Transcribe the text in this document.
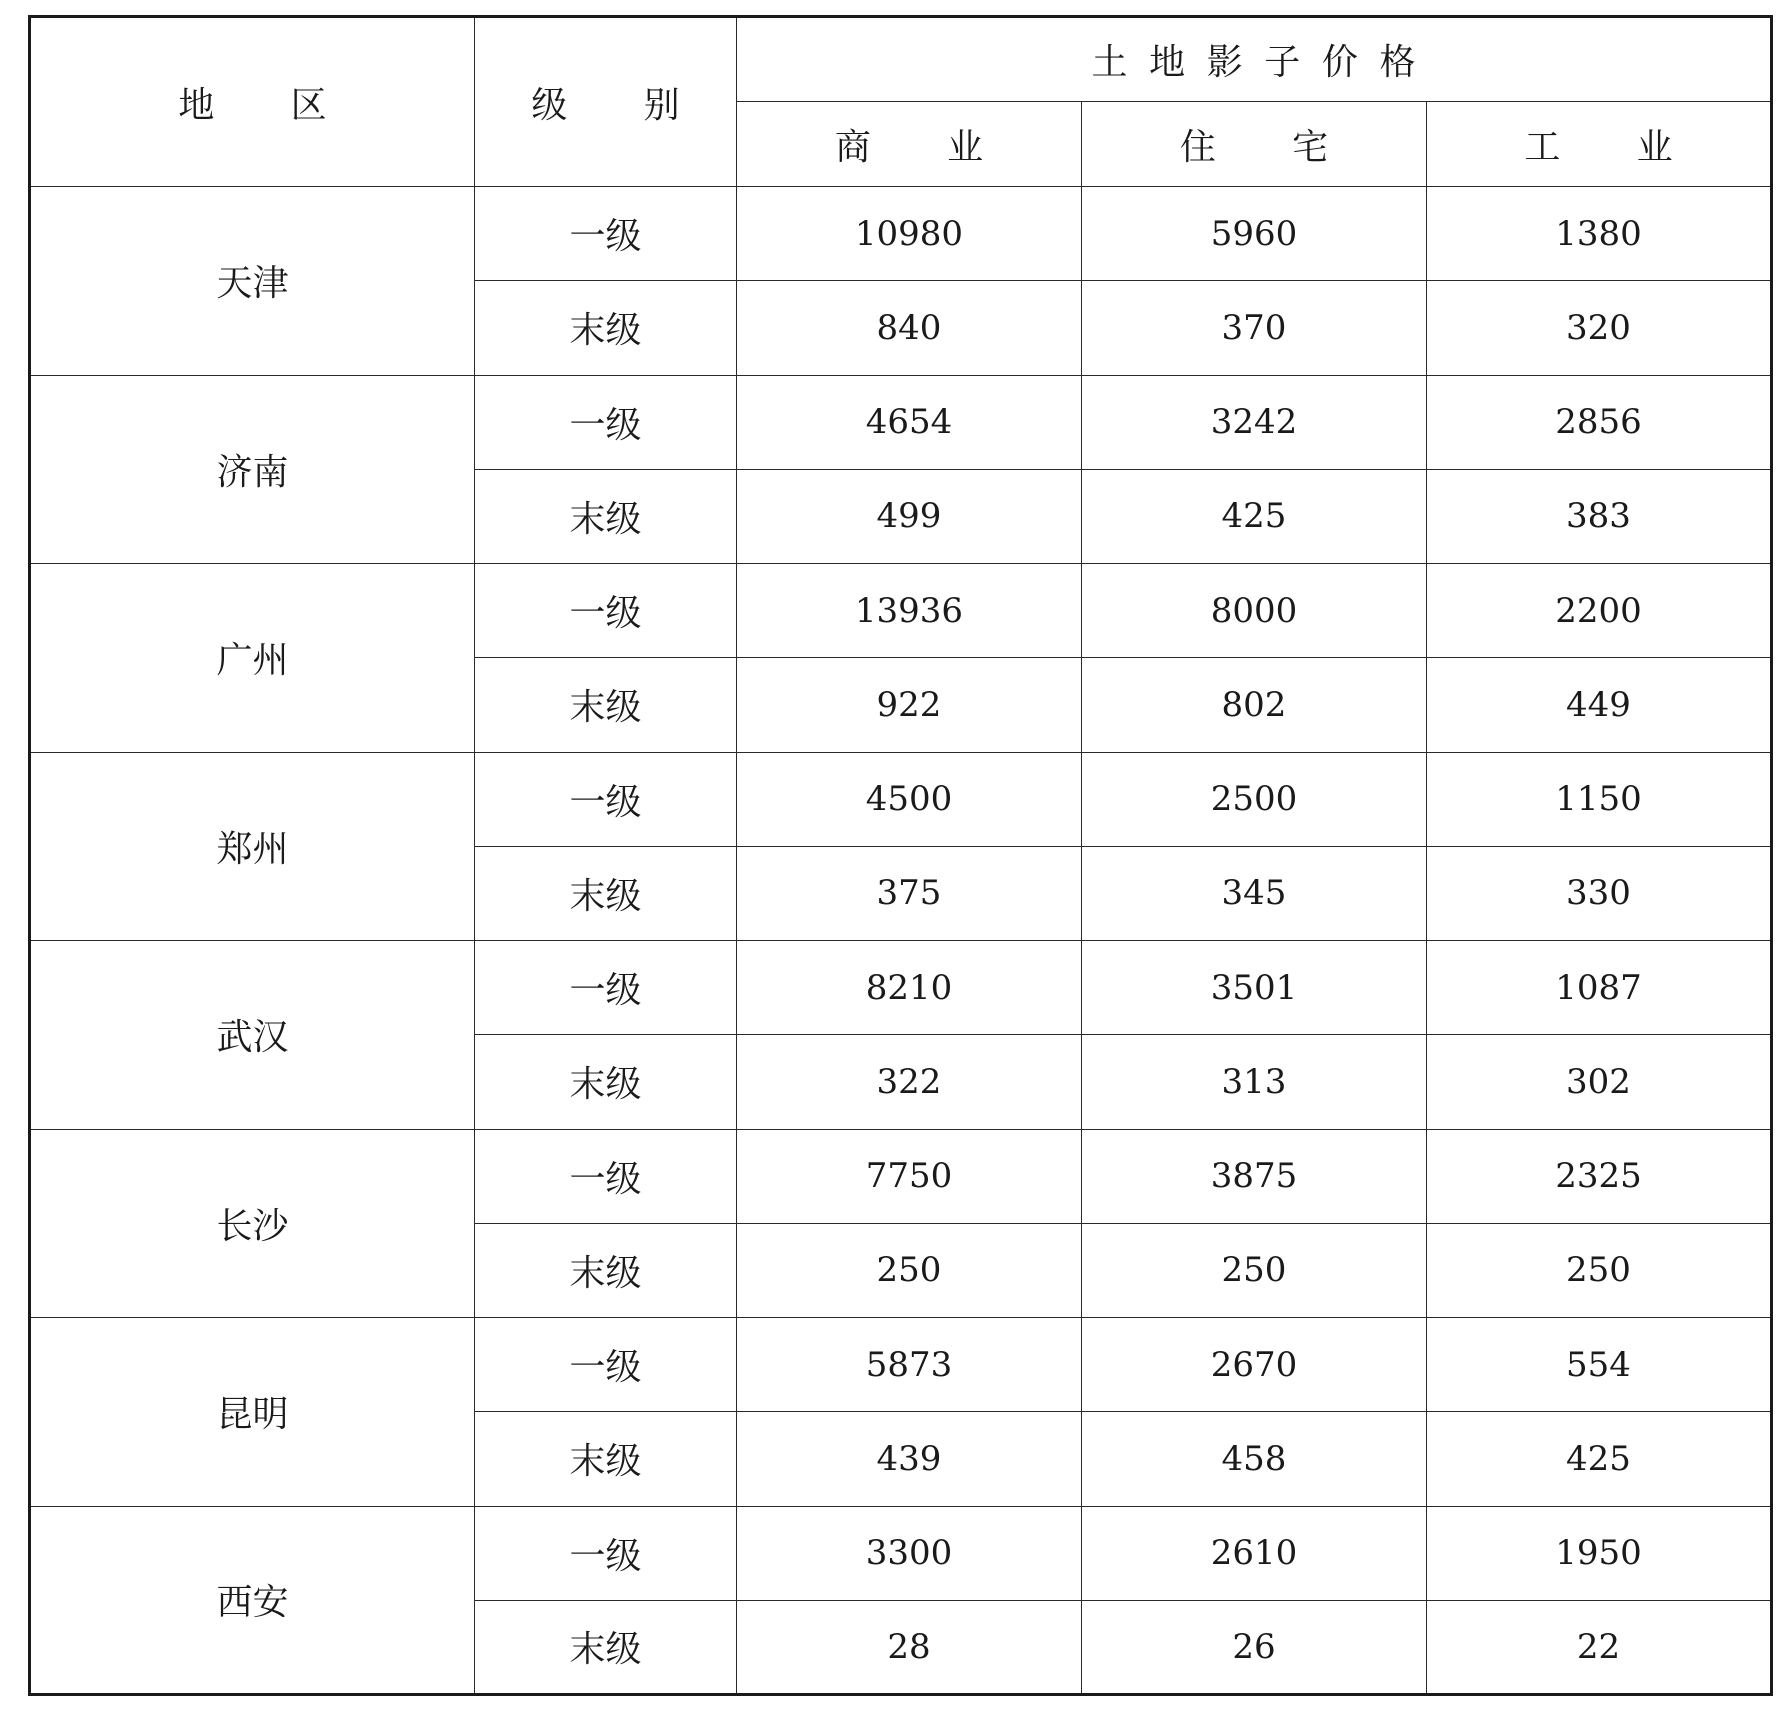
地 区	级 别	土地影子价格		
		商 业	住 宅	工 业
天津	一级	10980	5960	1380
	末级	840	370	320
济南	一级	4654	3242	2856
	末级	499	425	383
广州	一级	13936	8000	2200
	末级	922	802	449
郑州	一级	4500	2500	1150
	末级	375	345	330
武汉	一级	8210	3501	1087
	末级	322	313	302
长沙	一级	7750	3875	2325
	末级	250	250	250
昆明	一级	5873	2670	554
	末级	439	458	425
西安	一级	3300	2610	1950
	末级	28	26	22
